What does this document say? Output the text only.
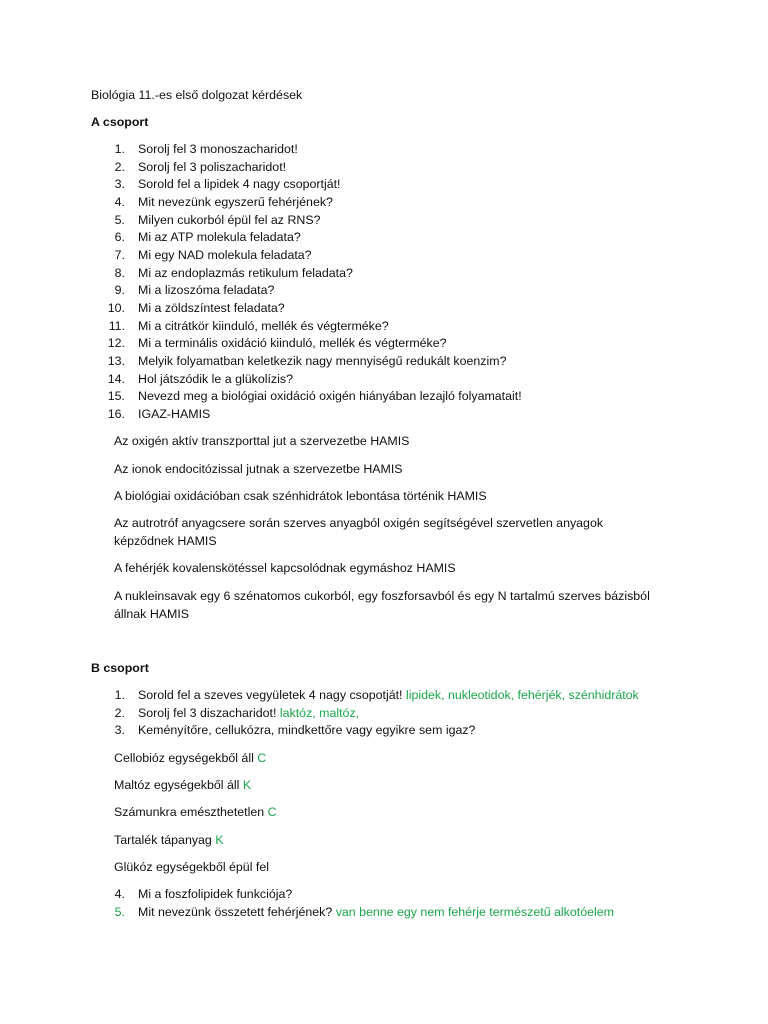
Biológia 11.-es első dolgozat kérdések
A csoport
1. Sorolj fel 3 monoszacharidot!
2. Sorolj fel 3 poliszacharidot!
3. Sorold fel a lipidek 4 nagy csoportját!
4. Mit nevezünk egyszerű fehérjének?
5. Milyen cukorból épül fel az RNS?
6. Mi az ATP molekula feladata?
7. Mi egy NAD molekula feladata?
8. Mi az endoplazmás retikulum feladata?
9. Mi a lizoszóma feladata?
10. Mi a zöldszíntest feladata?
11. Mi a citrátkör kiinduló, mellék és végterméke?
12. Mi a terminális oxidáció kiinduló, mellék és végterméke?
13. Melyik folyamatban keletkezik nagy mennyiségű redukált koenzim?
14. Hol játszódik le a glükolízis?
15. Nevezd meg a biológiai oxidáció oxigén hiányában lezajló folyamatait!
16. IGAZ-HAMIS
Az oxigén aktív transzporttal jut a szervezetbe HAMIS
Az ionok endocitózissal jutnak a szervezetbe HAMIS
A biológiai oxidációban csak szénhidrátok lebontása történik HAMIS
Az autrotróf anyagcsere során szerves anyagból oxigén segítségével szervetlen anyagok
képződnek HAMIS
A fehérjék kovalenskötéssel kapcsolódnak egymáshoz HAMIS
A nukleinsavak egy 6 szénatomos cukorból, egy foszforsavból és egy N tartalmú szerves bázisból
állnak HAMIS
B csoport
1. Sorold fel a szeves vegyületek 4 nagy csopotját! lipidek, nukleotidok, fehérjék, szénhidrátok
2. Sorolj fel 3 diszacharidot! laktóz, maltóz,
3. Keményítőre, cellukózra, mindkettőre vagy egyikre sem igaz?
Cellobióz egységekből áll C
Maltóz egységekből áll K
Számunkra emészthetetlen C
Tartalék tápanyag K
Glükóz egységekből épül fel
4. Mi a foszfolipidek funkciója?
5. Mit nevezünk összetett fehérjének? van benne egy nem fehérje természetű alkotóelem
